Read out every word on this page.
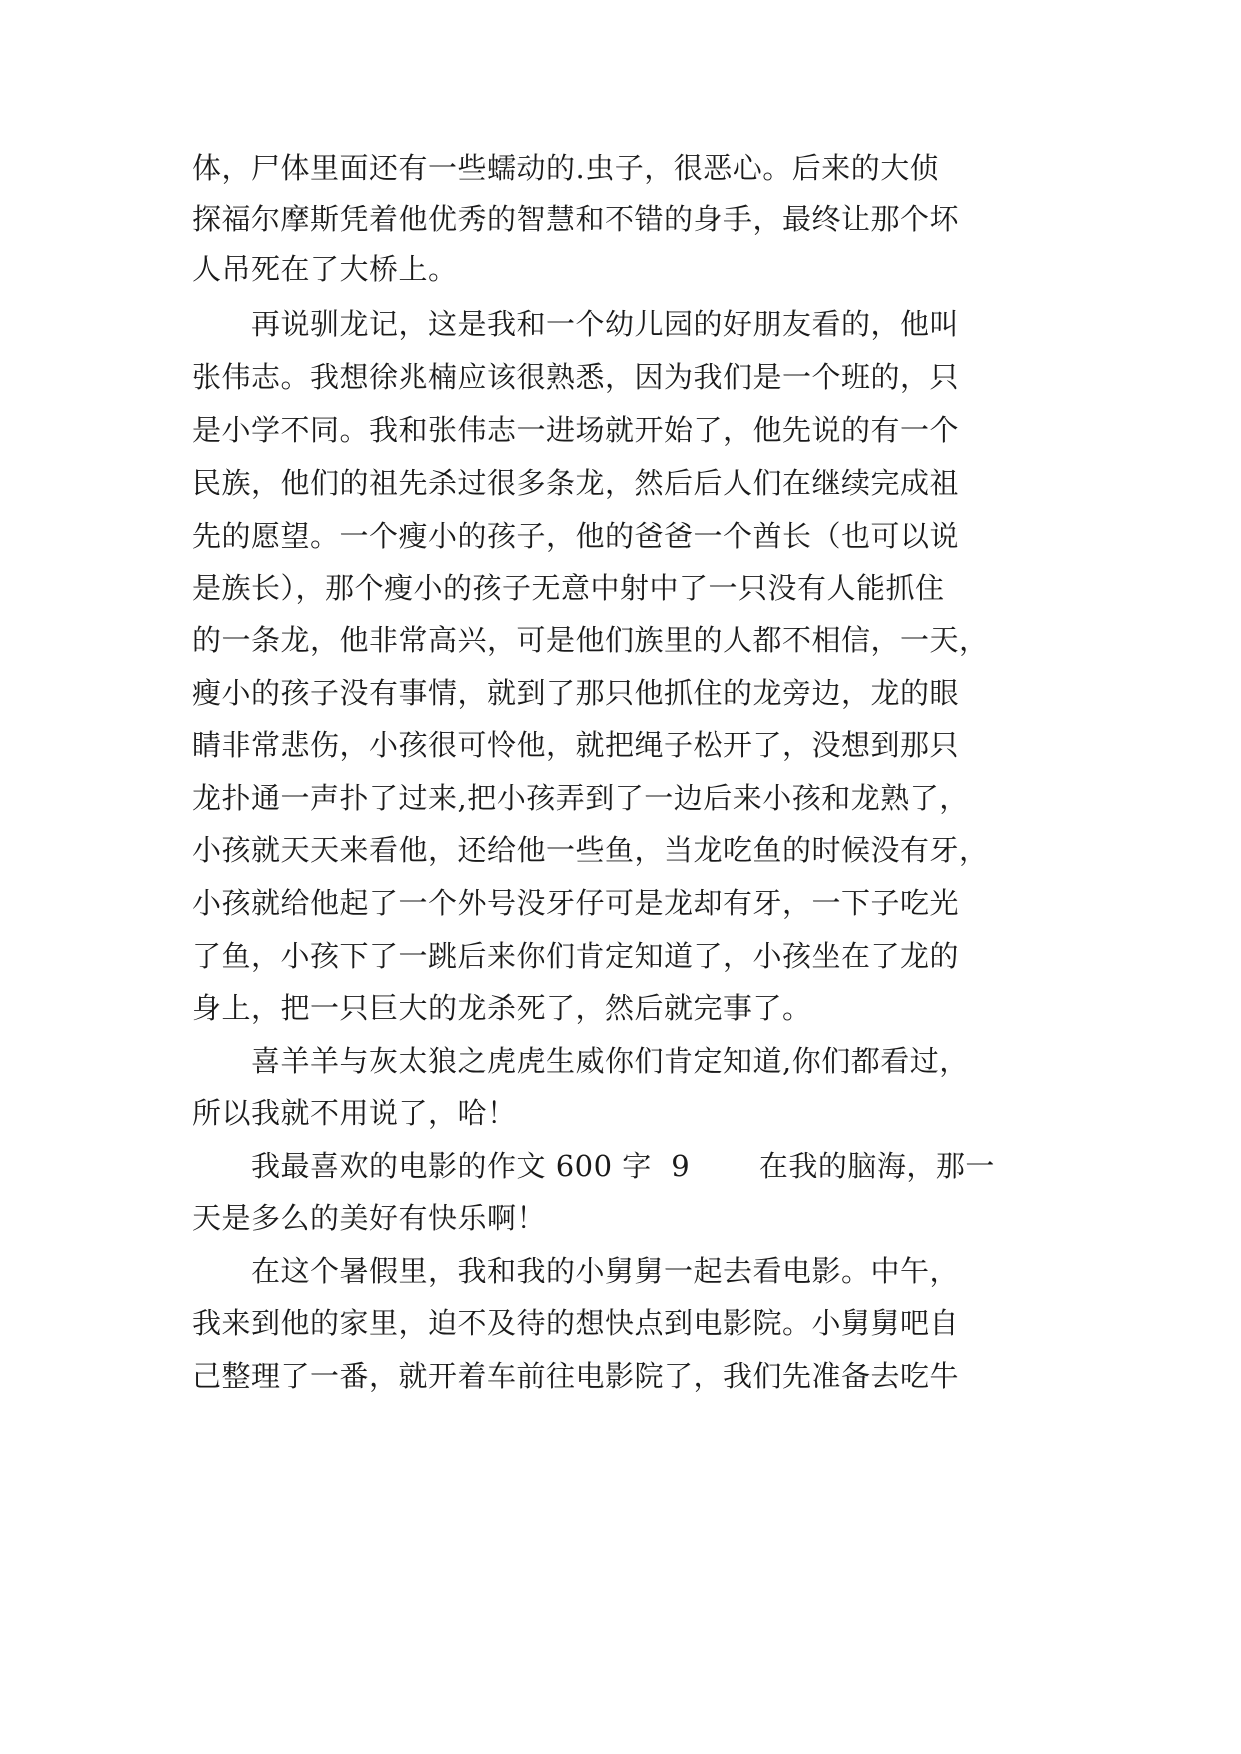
体，尸体里面还有一些蠕动的.虫子，很恶心。后来的大侦
探福尔摩斯凭着他优秀的智慧和不错的身手，最终让那个坏
人吊死在了大桥上。
　　再说驯龙记，这是我和一个幼儿园的好朋友看的，他叫
张伟志。我想徐兆楠应该很熟悉，因为我们是一个班的，只
是小学不同。我和张伟志一进场就开始了，他先说的有一个
民族，他们的祖先杀过很多条龙，然后后人们在继续完成祖
先的愿望。一个瘦小的孩子，他的爸爸一个酋长（也可以说
是族长），那个瘦小的孩子无意中射中了一只没有人能抓住
的一条龙，他非常高兴，可是他们族里的人都不相信，一天，
瘦小的孩子没有事情，就到了那只他抓住的龙旁边，龙的眼
睛非常悲伤，小孩很可怜他，就把绳子松开了，没想到那只
龙扑通一声扑了过来,把小孩弄到了一边后来小孩和龙熟了，
小孩就天天来看他，还给他一些鱼，当龙吃鱼的时候没有牙，
小孩就给他起了一个外号没牙仔可是龙却有牙，一下子吃光
了鱼，小孩下了一跳后来你们肯定知道了，小孩坐在了龙的
身上，把一只巨大的龙杀死了，然后就完事了。
　　喜羊羊与灰太狼之虎虎生威你们肯定知道,你们都看过，
所以我就不用说了，哈！
　　我最喜欢的电影的作文 600 字  9　　 在我的脑海，那一
天是多么的美好有快乐啊！
　　在这个暑假里，我和我的小舅舅一起去看电影。中午，
我来到他的家里，迫不及待的想快点到电影院。小舅舅吧自
己整理了一番，就开着车前往电影院了，我们先准备去吃牛
